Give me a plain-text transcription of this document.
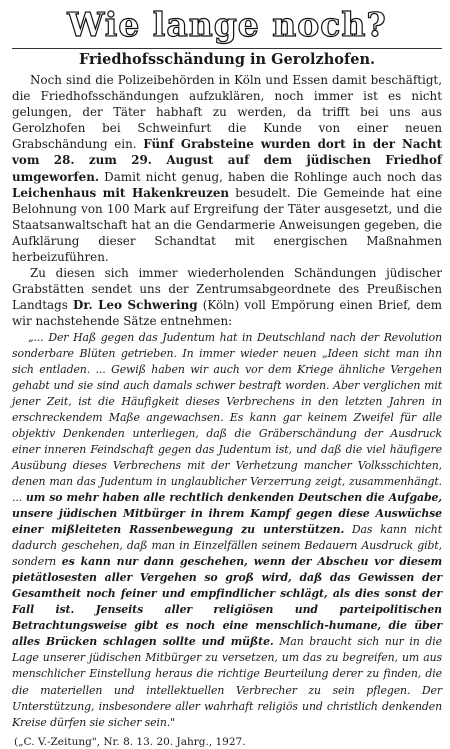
Wie lange noch?
Friedhofsschändung in Gerolzhofen.

Noch sind die Polizeibehörden in Köln und Essen damit beschäftigt, die Friedhofsschändungen aufzuklären, noch immer ist es nicht gelungen, der Täter habhaft zu werden, da trifft bei uns aus Gerolzhofen bei Schweinfurt die Kunde von einer neuen Grabschändung ein. Fünf Grabsteine wurden dort in der Nacht vom 28. zum 29. August auf dem jüdischen Friedhof umgeworfen. Damit nicht genug, haben die Rohlinge auch noch das Leichenhaus mit Hakenkreuzen besudelt. Die Gemeinde hat eine Belohnung von 100 Mark auf Ergreifung der Täter ausgesetzt, und die Staatsanwaltschaft hat an die Gendarmerie Anweisungen gegeben, die Aufklärung dieser Schandtat mit energischen Maßnahmen herbeizuführen.

Zu diesen sich immer wiederholenden Schändungen jüdischer Grabstätten sendet uns der Zentrumsabgeordnete des Preußischen Landtags Dr. Leo Schwering (Köln) voll Empörung einen Brief, dem wir nachstehende Sätze entnehmen:

„... Der Haß gegen das Judentum hat in Deutschland nach der Revolution sonderbare Blüten getrieben. In immer wieder neuen „Ideen sicht man ihn sich entladen. ... Gewiß haben wir auch vor dem Kriege ähnliche Vergehen gehabt und sie sind auch damals schwer bestraft worden. Aber verglichen mit jener Zeit, ist die Häufigkeit dieses Verbrechens in den letzten Jahren in erschreckendem Maße angewachsen. Es kann gar keinem Zweifel für alle objektiv Denkenden unterliegen, daß die Gräberschändung der Ausdruck einer inneren Feindschaft gegen das Judentum ist, und daß die viel häufigere Ausübung dieses Verbrechens mit der Verhetzung mancher Volksschichten, denen man das Judentum in unglaublicher Verzerrung zeigt, zusammenhängt. ... um so mehr haben alle rechtlich denkenden Deutschen die Aufgabe, unsere jüdischen Mitbürger in ihrem Kampf gegen diese Auswüchse einer mißleiteten Rassenbewegung zu unterstützen. Das kann nicht dadurch geschehen, daß man in Einzelfällen seinem Bedauern Ausdruck gibt, sondern es kann nur dann geschehen, wenn der Abscheu vor diesem pietätlosesten aller Vergehen so groß wird, daß das Gewissen der Gesamtheit noch feiner und empfindlicher schlägt, als dies sonst der Fall ist. Jenseits aller religiösen und parteipolitischen Betrachtungsweise gibt es noch eine menschlich-humane, die über alles Brücken schlagen sollte und müßte. Man braucht sich nur in die Lage unserer jüdischen Mitbürger zu versetzen, um das zu begreifen, um aus menschlicher Einstellung heraus die richtige Beurteilung derer zu finden, die die materiellen und intellektuellen Verbrecher zu sein pflegen. Der Unterstützung, insbesondere aller wahrhaft religiös und christlich denkenden Kreise dürfen sie sicher sein."

(„C. V.-Zeitung", Nr. 8. 13. 20. Jahrg., 1927.
